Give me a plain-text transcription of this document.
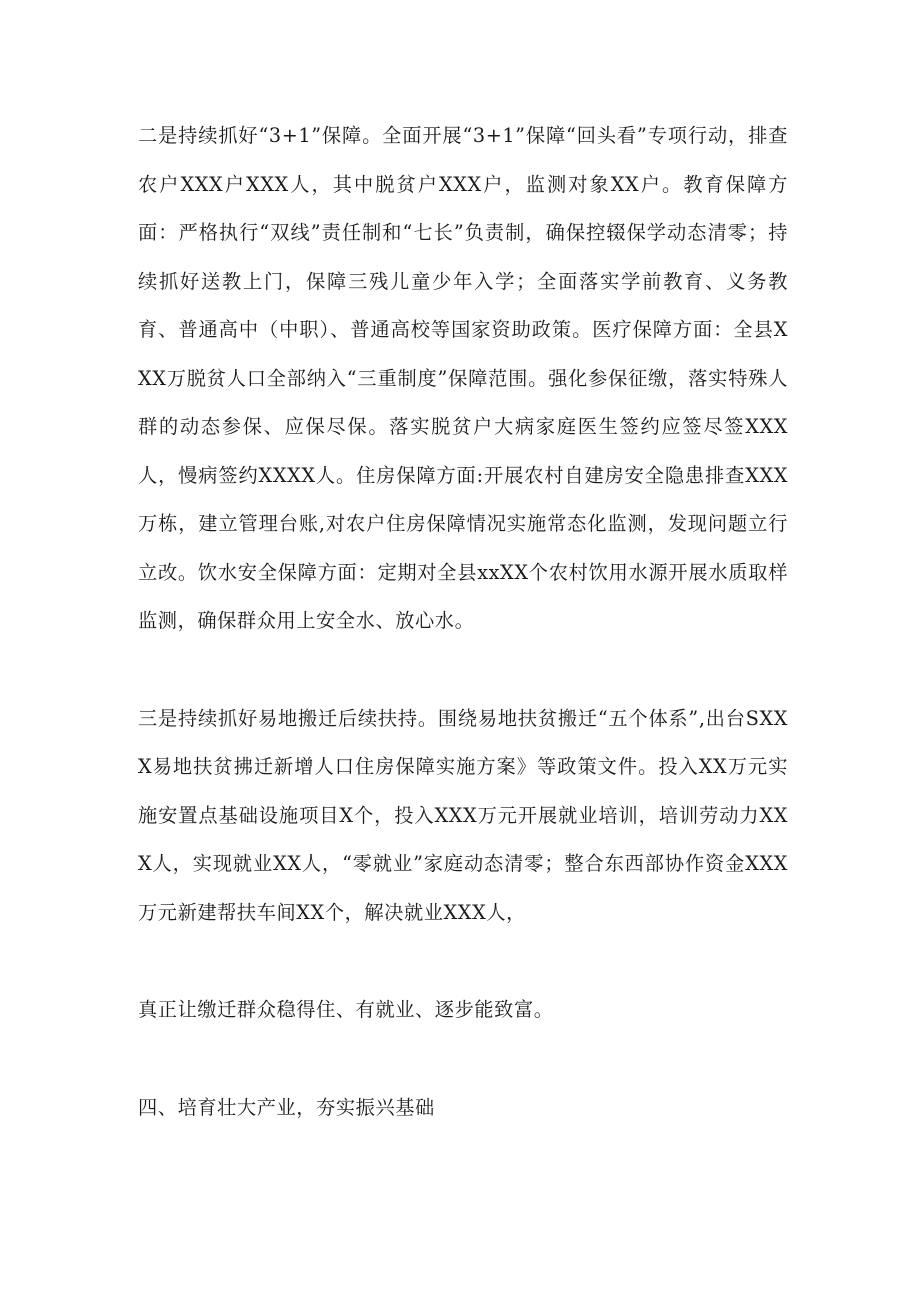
二是持续抓好“3+1”保障。全面开展“3+1”保障“回头看”专项行动，排查农户XXX户XXX人，其中脱贫户XXX户，监测对象XX户。教育保障方面：严格执行“双线”责任制和“七长”负责制，确保控辍保学动态清零；持续抓好送教上门，保障三残儿童少年入学；全面落实学前教育、义务教育、普通高中（中职）、普通高校等国家资助政策。医疗保障方面：全县XXX万脱贫人口全部纳入“三重制度”保障范围。强化参保征缴，落实特殊人群的动态参保、应保尽保。落实脱贫户大病家庭医生签约应签尽签XXX人，慢病签约XXXX人。住房保障方面:开展农村自建房安全隐患排查XXX万栋，建立管理台账,对农户住房保障情况实施常态化监测，发现问题立行立改。饮水安全保障方面：定期对全县xxXX个农村饮用水源开展水质取样监测，确保群众用上安全水、放心水。

三是持续抓好易地搬迁后续扶持。围绕易地扶贫搬迁“五个体系”,出台SXXX易地扶贫拂迁新增人口住房保障实施方案》等政策文件。投入XX万元实施安置点基础设施项目X个，投入XXX万元开展就业培训，培训劳动力XXX人，实现就业XX人，“零就业”家庭动态清零；整合东西部协作资金XXX万元新建帮扶车间XX个，解决就业XXX人，

真正让缴迁群众稳得住、有就业、逐步能致富。

四、培育壮大产业，夯实振兴基础
